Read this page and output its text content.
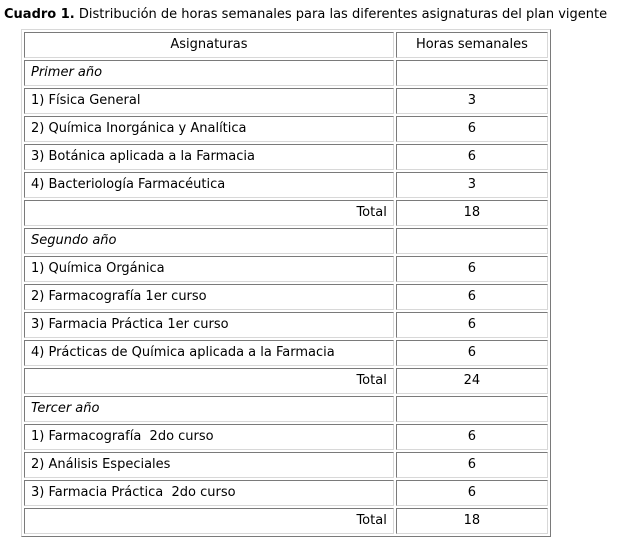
Cuadro 1. Distribución de horas semanales para las diferentes asignaturas del plan vigente
Asignaturas	Horas semanales
Primer año	
1) Física General	3
2) Química Inorgánica y Analítica	6
3) Botánica aplicada a la Farmacia	6
4) Bacteriología Farmacéutica	3
Total	18
Segundo año	
1) Química Orgánica	6
2) Farmacografía 1er curso	6
3) Farmacia Práctica 1er curso	6
4) Prácticas de Química aplicada a la Farmacia	6
Total	24
Tercer año	
1) Farmacografía  2do curso	6
2) Análisis Especiales	6
3) Farmacia Práctica  2do curso	6
Total	18
